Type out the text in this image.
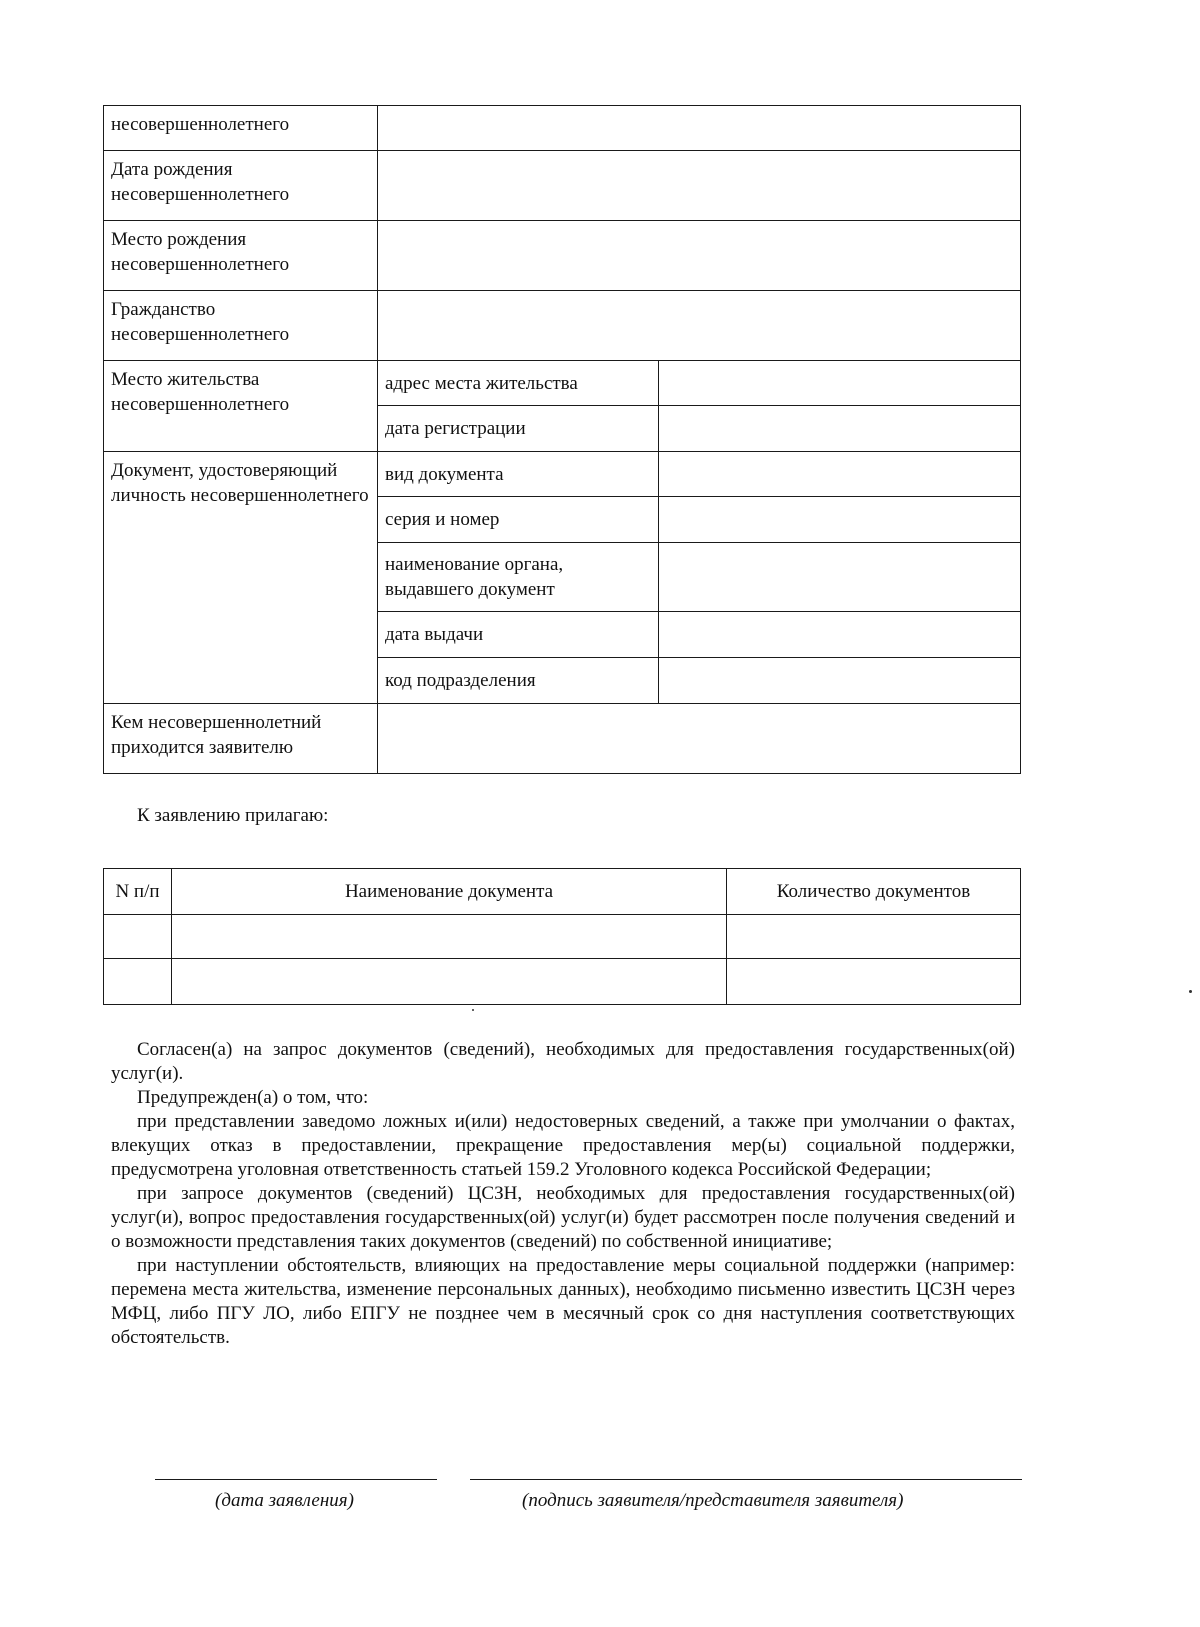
несовершеннолетнего		
Дата рождения несовершеннолетнего		
Место рождения несовершеннолетнего		
Гражданство несовершеннолетнего		
Место жительства несовершеннолетнего	адрес места жительства	
	дата регистрации	
Документ, удостоверяющий личность несовершеннолетнего	вид документа	
	серия и номер	
	наименование органа, выдавшего документ	
	дата выдачи	
	код подразделения	
Кем несовершеннолетний приходится заявителю		
К заявлению прилагаю:
N п/п	Наименование документа	Количество документов

Согласен(а) на запрос документов (сведений), необходимых для предоставления государственных(ой) услуг(и).

Предупрежден(а) о том, что:

при представлении заведомо ложных и(или) недостоверных сведений, а также при умолчании о фактах, влекущих отказ в предоставлении, прекращение предоставления мер(ы) социальной поддержки, предусмотрена уголовная ответственность статьей 159.2 Уголовного кодекса Российской Федерации;

при запросе документов (сведений) ЦСЗН, необходимых для предоставления государственных(ой) услуг(и), вопрос предоставления государственных(ой) услуг(и) будет рассмотрен после получения сведений и о возможности представления таких документов (сведений) по собственной инициативе;

при наступлении обстоятельств, влияющих на предоставление меры социальной поддержки (например: перемена места жительства, изменение персональных данных), необходимо письменно известить ЦСЗН через МФЦ, либо ПГУ ЛО, либо ЕПГУ не позднее чем в месячный срок со дня наступления соответствующих обстоятельств.

(дата заявления)	(подпись заявителя/представителя заявителя)
